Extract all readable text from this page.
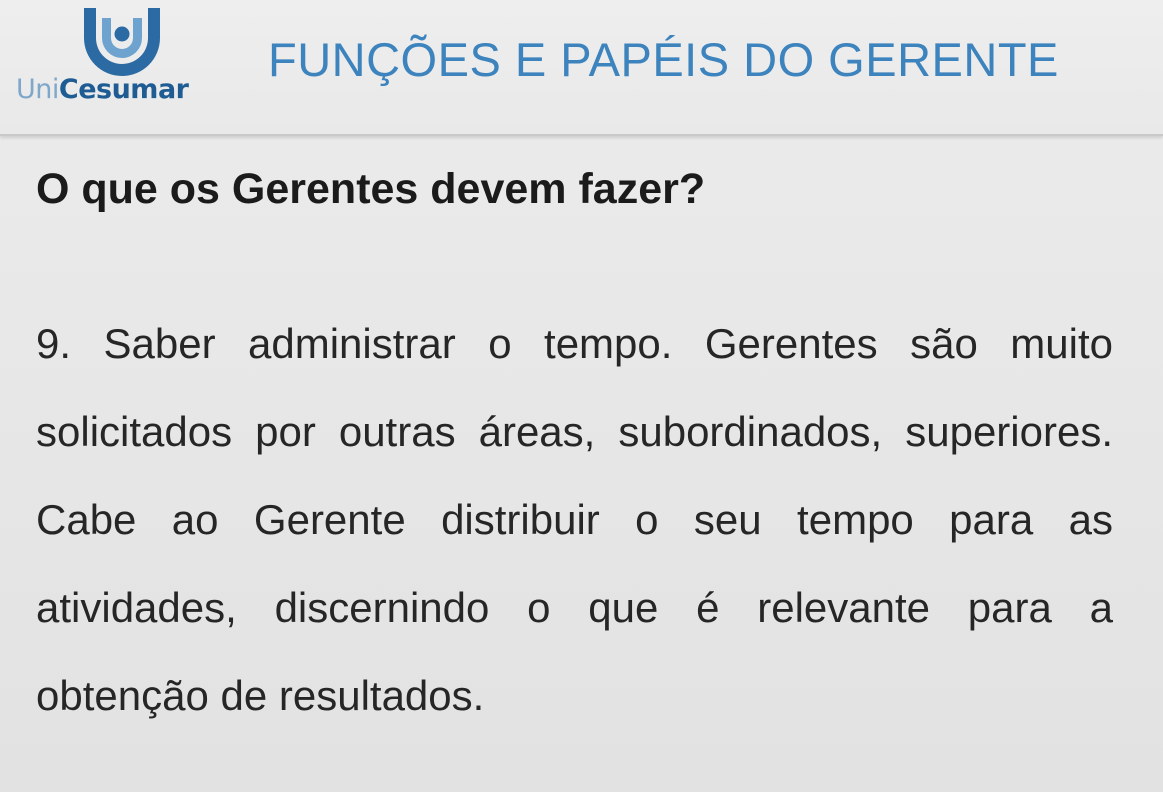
UniCesumar
FUNÇÕES E PAPÉIS DO GERENTE
O que os Gerentes devem fazer?

9. Saber administrar o tempo. Gerentes são muito solicitados por outras áreas, subordinados, superiores. Cabe ao Gerente distribuir o seu tempo para as atividades, discernindo o que é relevante para a obtenção de resultados.
